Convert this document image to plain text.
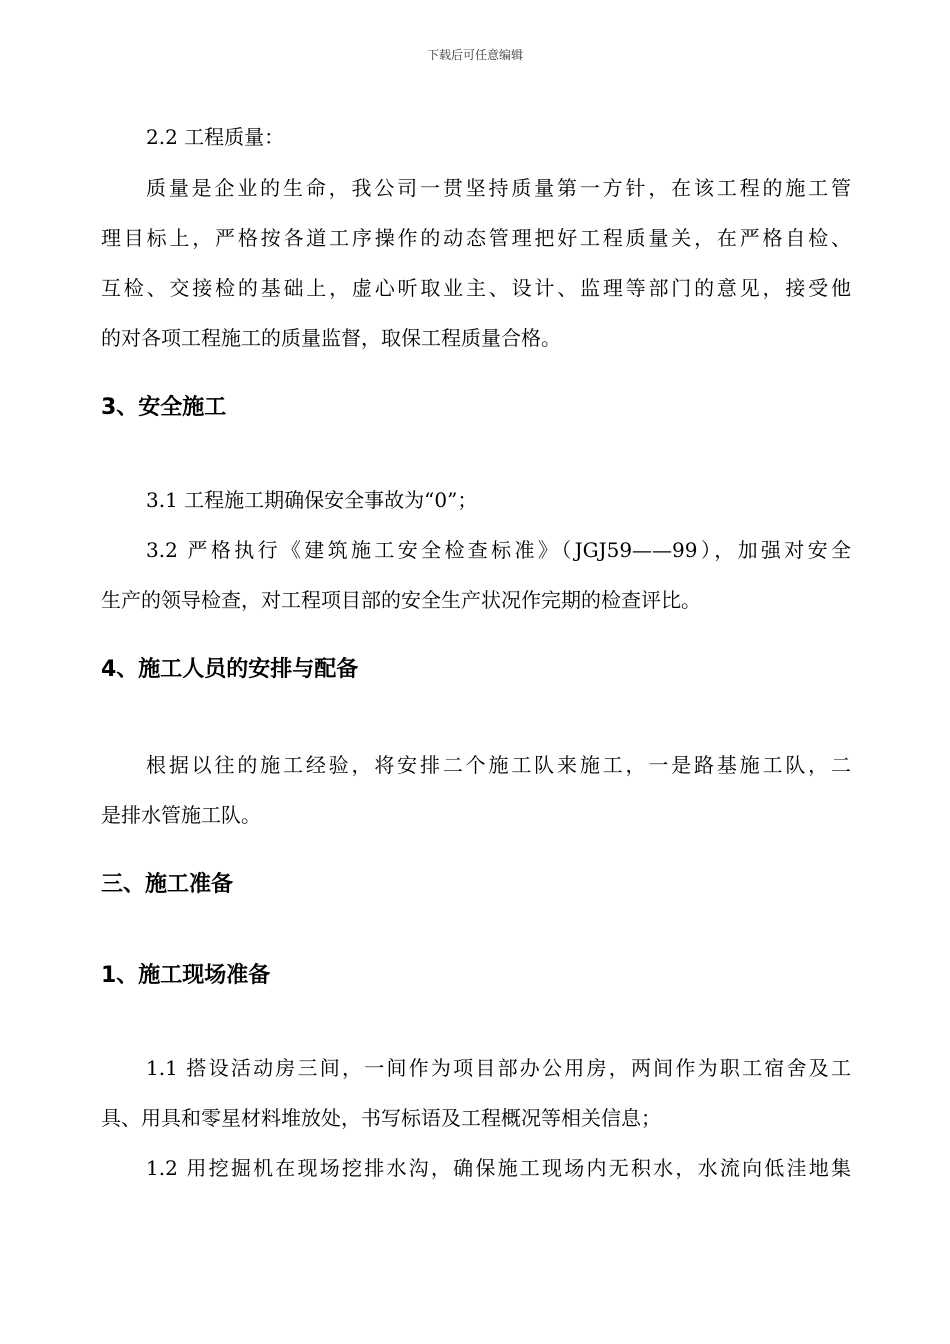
下载后可任意编辑
2.2 工程质量：
质量是企业的生命，我公司一贯坚持质量第一方针，在该工程的施工管
理目标上，严格按各道工序操作的动态管理把好工程质量关，在严格自检、
互检、交接检的基础上，虚心听取业主、设计、监理等部门的意见，接受他
的对各项工程施工的质量监督，取保工程质量合格。
3、安全施工
3.1 工程施工期确保安全事故为“0”；
3.2 严格执行《建筑施工安全检查标准》（JGJ59——99），加强对安全
生产的领导检查，对工程项目部的安全生产状况作完期的检查评比。
4、施工人员的安排与配备
根据以往的施工经验，将安排二个施工队来施工，一是路基施工队，二
是排水管施工队。
三、施工准备
1、施工现场准备
1.1 搭设活动房三间，一间作为项目部办公用房，两间作为职工宿舍及工
具、用具和零星材料堆放处，书写标语及工程概况等相关信息；
1.2 用挖掘机在现场挖排水沟，确保施工现场内无积水，水流向低洼地集
